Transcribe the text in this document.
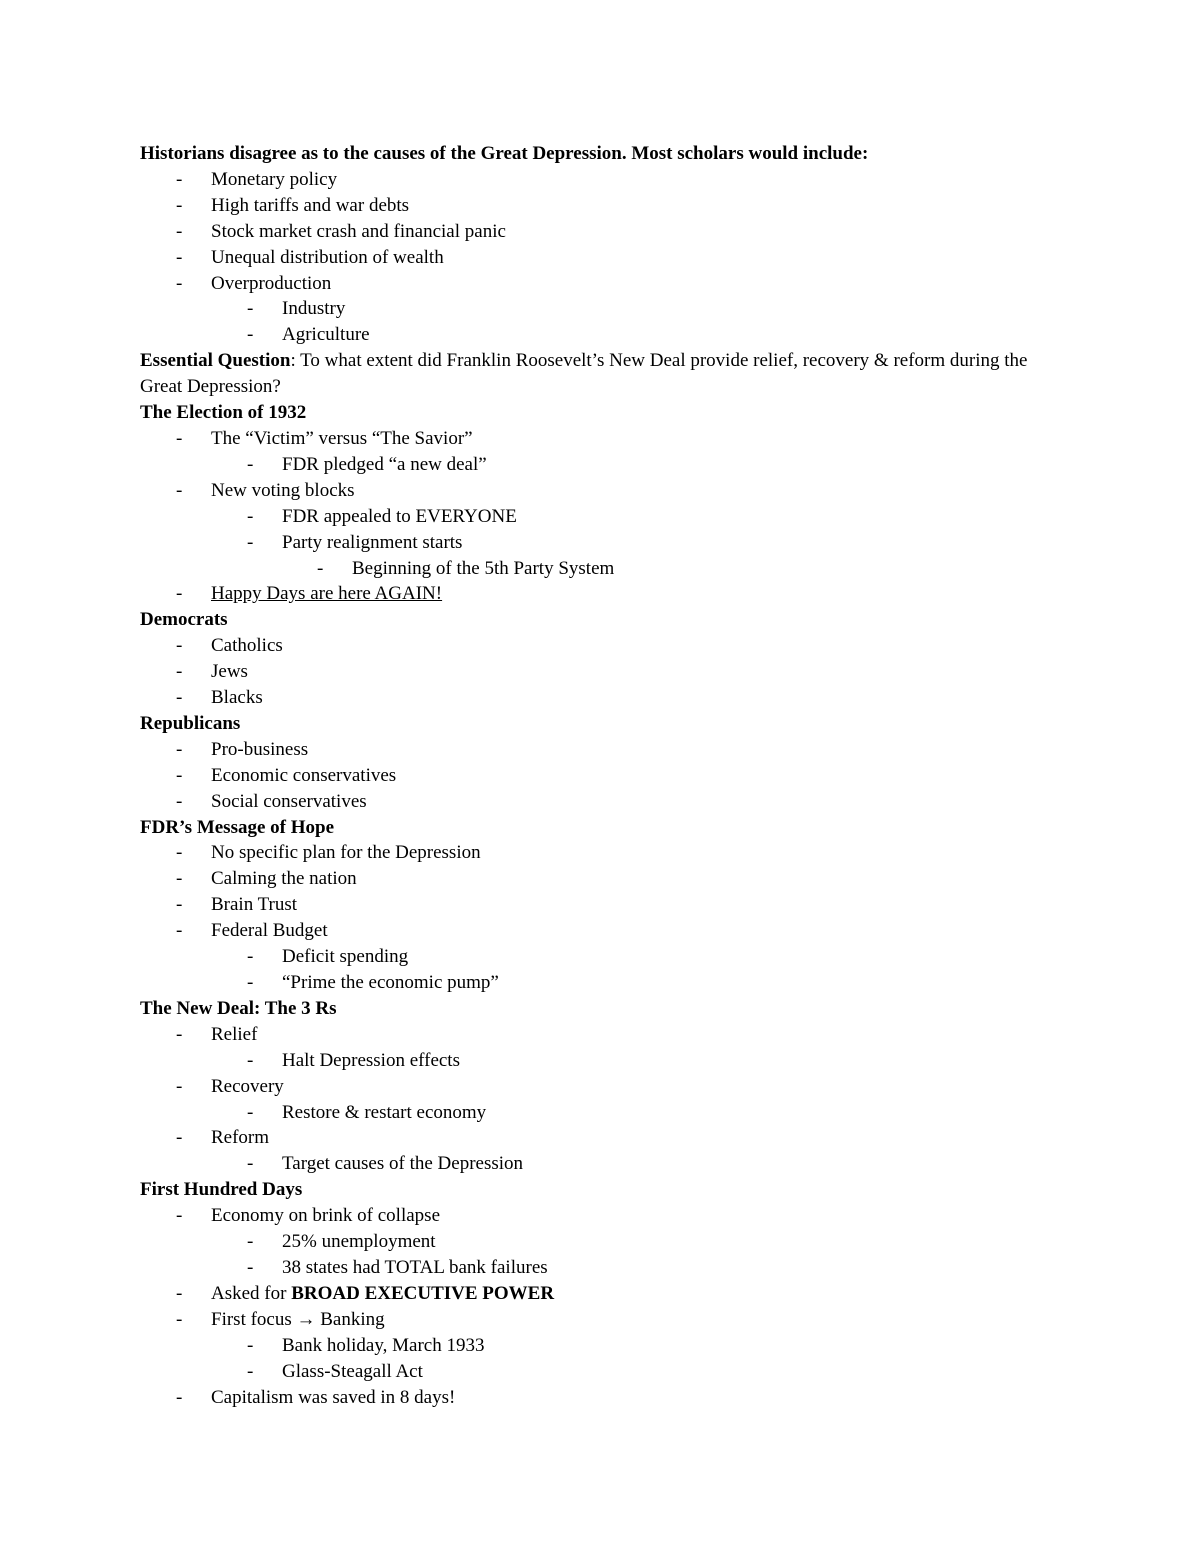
Historians disagree as to the causes of the Great Depression. Most scholars would include:
- Monetary policy
- High tariffs and war debts
- Stock market crash and financial panic
- Unequal distribution of wealth
- Overproduction
- Industry
- Agriculture
Essential Question: To what extent did Franklin Roosevelt’s New Deal provide relief, recovery & reform during the Great Depression?
The Election of 1932
- The “Victim” versus “The Savior”
- FDR pledged “a new deal”
- New voting blocks
- FDR appealed to EVERYONE
- Party realignment starts
- Beginning of the 5th Party System
- Happy Days are here AGAIN!
Democrats
- Catholics
- Jews
- Blacks
Republicans
- Pro-business
- Economic conservatives
- Social conservatives
FDR’s Message of Hope
- No specific plan for the Depression
- Calming the nation
- Brain Trust
- Federal Budget
- Deficit spending
- “Prime the economic pump”
The New Deal: The 3 Rs
- Relief
- Halt Depression effects
- Recovery
- Restore & restart economy
- Reform
- Target causes of the Depression
First Hundred Days
- Economy on brink of collapse
- 25% unemployment
- 38 states had TOTAL bank failures
- Asked for BROAD EXECUTIVE POWER
- First focus → Banking
- Bank holiday, March 1933
- Glass-Steagall Act
- Capitalism was saved in 8 days!
